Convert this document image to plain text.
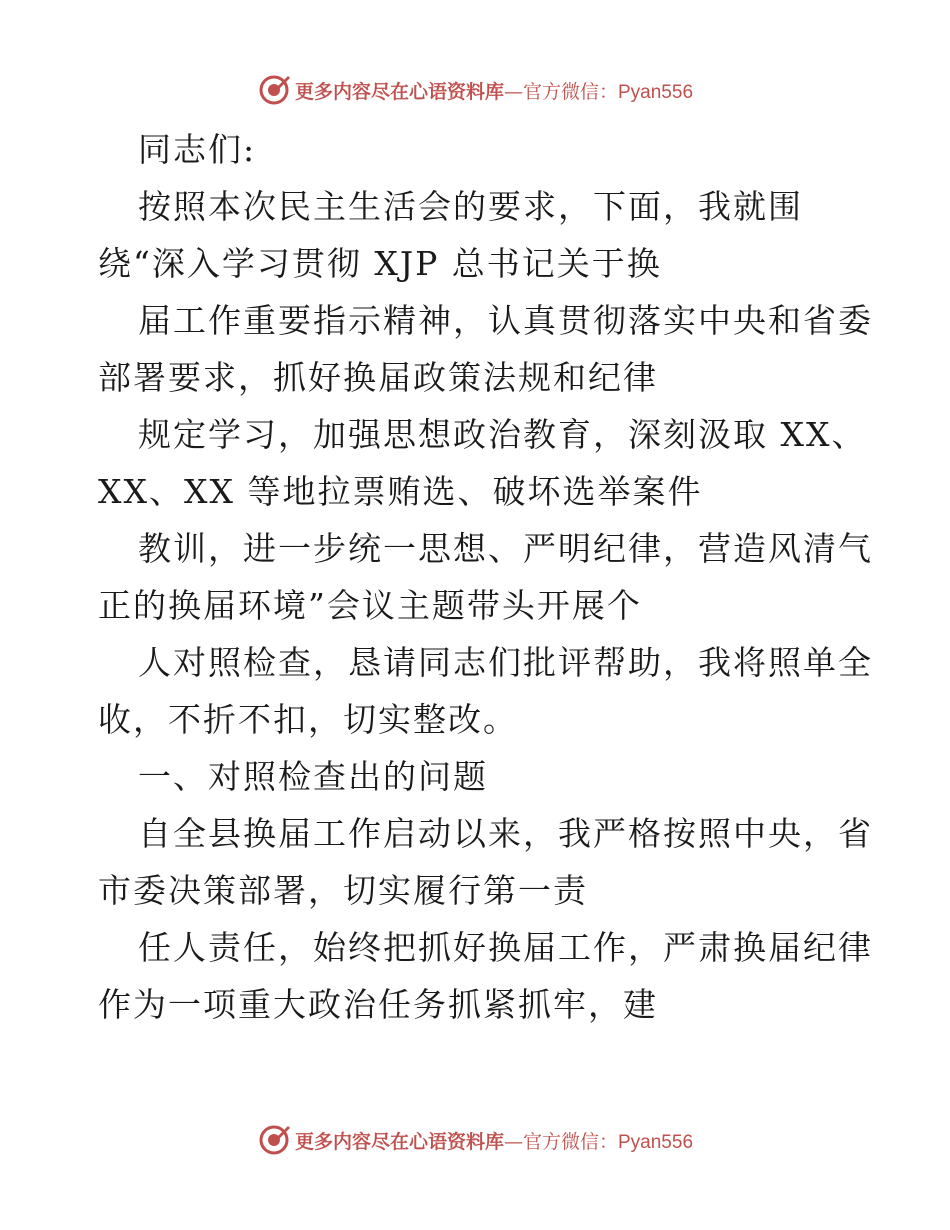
更多内容尽在心语资料库—官方微信：Pyan556
同志们:
按照本次民主生活会的要求，下面，我就围
绕“深入学习贯彻 XJP 总书记关于换
届工作重要指示精神，认真贯彻落实中央和省委
部署要求，抓好换届政策法规和纪律
规定学习，加强思想政治教育，深刻汲取 XX、
XX、XX 等地拉票贿选、破坏选举案件
教训，进一步统一思想、严明纪律，营造风清气
正的换届环境”会议主题带头开展个
人对照检查，恳请同志们批评帮助，我将照单全
收，不折不扣，切实整改。
一、对照检查出的问题
自全县换届工作启动以来，我严格按照中央，省
市委决策部署，切实履行第一责
任人责任，始终把抓好换届工作，严肃换届纪律
作为一项重大政治任务抓紧抓牢，建
更多内容尽在心语资料库—官方微信：Pyan556
